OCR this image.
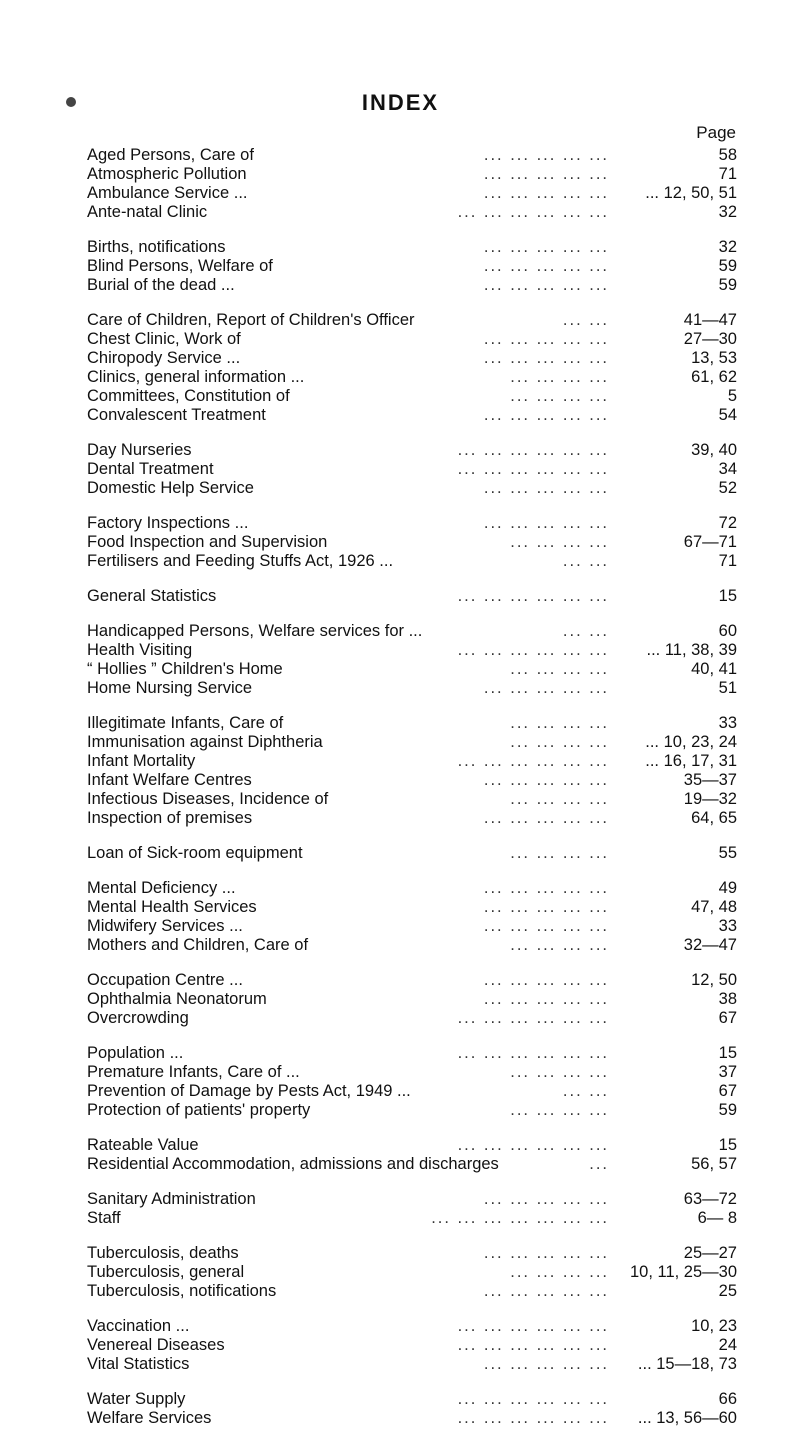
INDEX
Page
Aged Persons, Care of	... ... ... ... ...	58
Atmospheric Pollution	... ... ... ... ...	71
Ambulance Service ...	... ... ... ... ... ... 12, 50, 51
Ante-natal Clinic	... ... ... ... ... ...	32
Births, notifications	... ... ... ... ...	32
Blind Persons, Welfare of	... ... ... ... ...	59
Burial of the dead ...	... ... ... ... ...	59
Care of Children, Report of Children's Officer	... ...	41—47
Chest Clinic, Work of	... ... ... ... ...	27—30
Chiropody Service ...	... ... ... ... ...	13, 53
Clinics, general information ...	... ... ... ...	61, 62
Committees, Constitution of	... ... ... ...	5
Convalescent Treatment	... ... ... ... ...	54
Day Nurseries	... ... ... ... ... ...	39, 40
Dental Treatment	... ... ... ... ... ...	34
Domestic Help Service	... ... ... ... ...	52
Factory Inspections ...	... ... ... ... ...	72
Food Inspection and Supervision	... ... ... ...	67—71
Fertilisers and Feeding Stuffs Act, 1926 ...	... ...	71
General Statistics	... ... ... ... ... ...	15
Handicapped Persons, Welfare services for ...	... ...	60
Health Visiting	... ... ... ... ... ... ... 11, 38, 39
“ Hollies ” Children's Home	... ... ... ...	40, 41
Home Nursing Service	... ... ... ... ...	51
Illegitimate Infants, Care of	... ... ... ...	33
Immunisation against Diphtheria	... ... ... ... ... 10, 23, 24
Infant Mortality	... ... ... ... ... ... ... 16, 17, 31
Infant Welfare Centres	... ... ... ... ...	35—37
Infectious Diseases, Incidence of	... ... ... ...	19—32
Inspection of premises	... ... ... ... ...	64, 65
Loan of Sick-room equipment	... ... ... ...	55
Mental Deficiency ...	... ... ... ... ...	49
Mental Health Services	... ... ... ... ...	47, 48
Midwifery Services ...	... ... ... ... ...	33
Mothers and Children, Care of	... ... ... ...	32—47
Occupation Centre ...	... ... ... ... ...	12, 50
Ophthalmia Neonatorum	... ... ... ... ...	38
Overcrowding	... ... ... ... ... ...	67
Population ...	... ... ... ... ... ...	15
Premature Infants, Care of ...	... ... ... ...	37
Prevention of Damage by Pests Act, 1949 ...	... ...	67
Protection of patients' property	... ... ... ...	59
Rateable Value	... ... ... ... ... ...	15
Residential Accommodation, admissions and discharges	...	56, 57
Sanitary Administration	... ... ... ... ...	63—72
Staff	... ... ... ... ... ... ...	6— 8
Tuberculosis, deaths	... ... ... ... ...	25—27
Tuberculosis, general	... ... ... ... 10, 11, 25—30
Tuberculosis, notifications	... ... ... ... ...	25
Vaccination ...	... ... ... ... ... ...	10, 23
Venereal Diseases	... ... ... ... ... ...	24
Vital Statistics	... ... ... ... ... ... 15—18, 73
Water Supply	... ... ... ... ... ...	66
Welfare Services	... ... ... ... ... ... ... 13, 56—60
